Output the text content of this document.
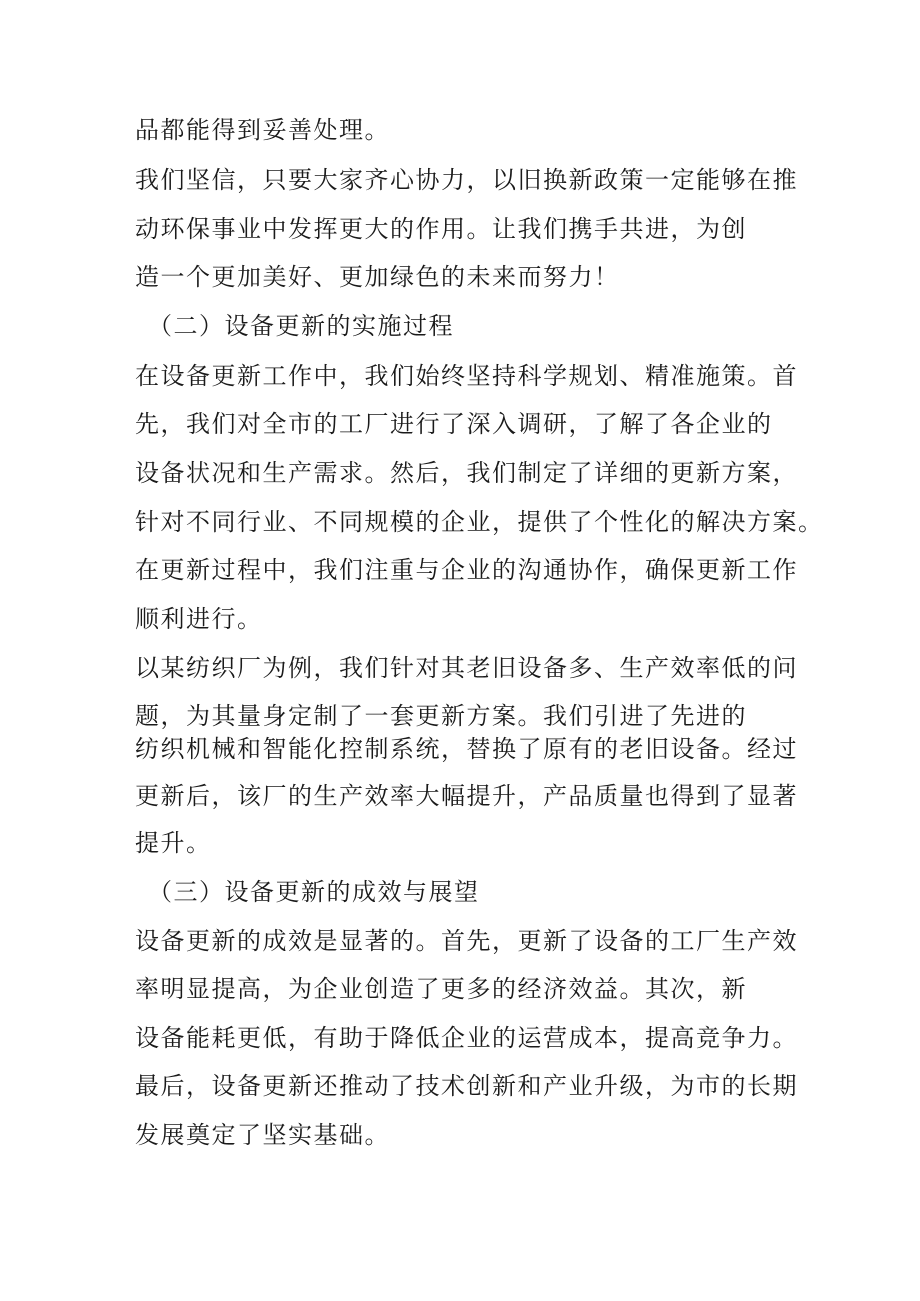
品都能得到妥善处理。
我们坚信，只要大家齐心协力，以旧换新政策一定能够在推
动环保事业中发挥更大的作用。让我们携手共进，为创
造一个更加美好、更加绿色的未来而努力！
（二）设备更新的实施过程
在设备更新工作中，我们始终坚持科学规划、精准施策。首
先，我们对全市的工厂进行了深入调研，了解了各企业的
设备状况和生产需求。然后，我们制定了详细的更新方案，
针对不同行业、不同规模的企业，提供了个性化的解决方案。
在更新过程中，我们注重与企业的沟通协作，确保更新工作
顺利进行。
以某纺织厂为例，我们针对其老旧设备多、生产效率低的问
题，为其量身定制了一套更新方案。我们引进了先进的
纺织机械和智能化控制系统，替换了原有的老旧设备。经过
更新后，该厂的生产效率大幅提升，产品质量也得到了显著
提升。
（三）设备更新的成效与展望
设备更新的成效是显著的。首先，更新了设备的工厂生产效
率明显提高，为企业创造了更多的经济效益。其次，新
设备能耗更低，有助于降低企业的运营成本，提高竞争力。
最后，设备更新还推动了技术创新和产业升级，为市的长期
发展奠定了坚实基础。
